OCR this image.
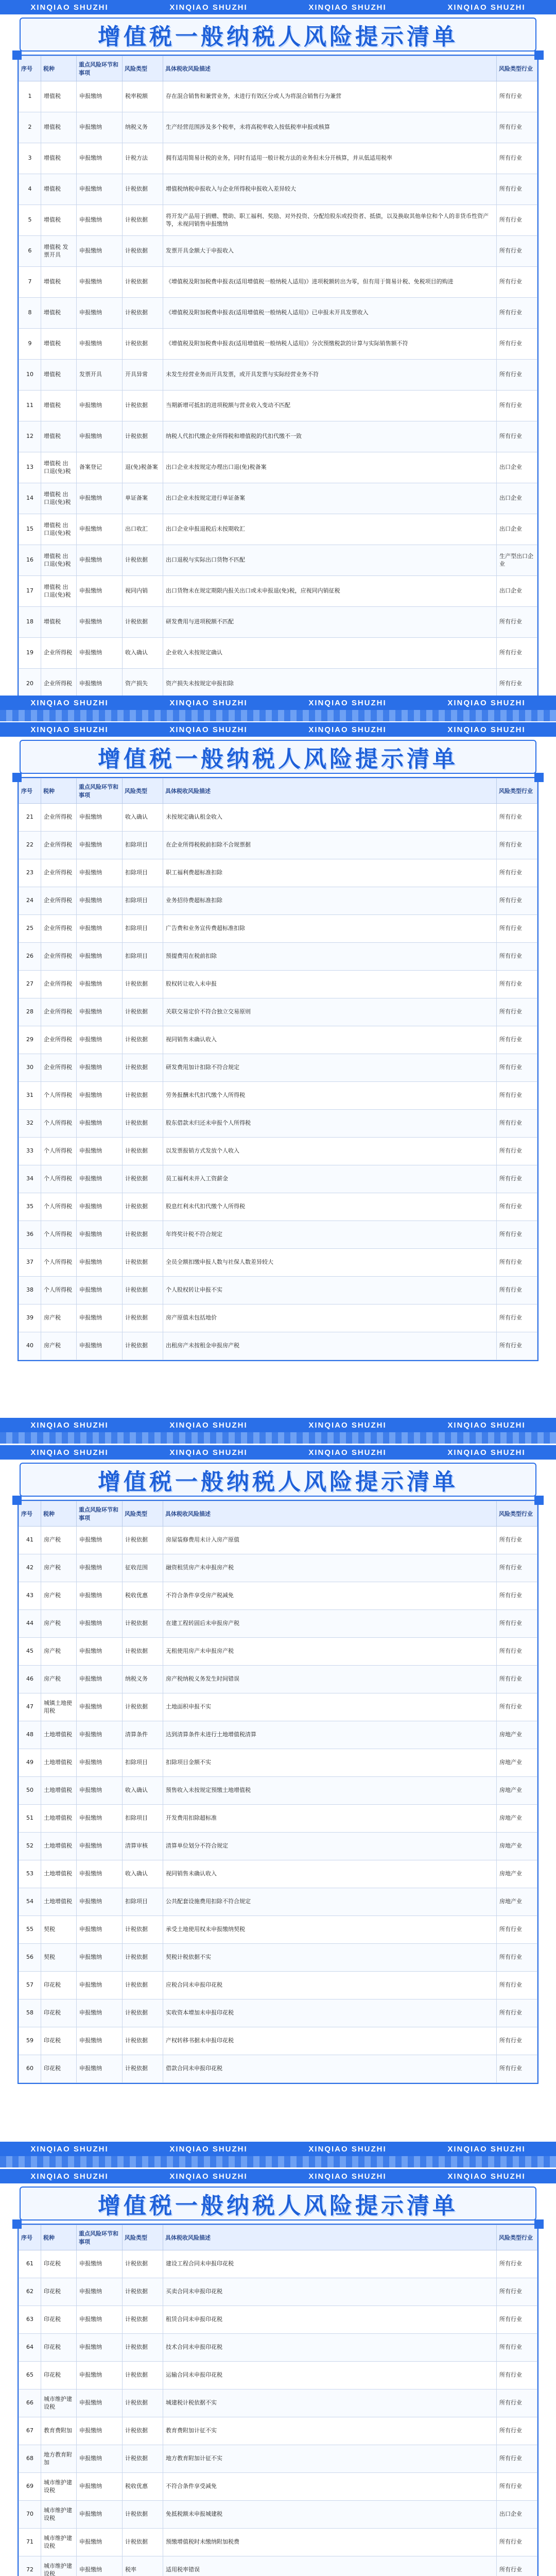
XINQIAO SHUZHI	XINQIAO SHUZHI	XINQIAO SHUZHI	XINQIAO SHUZHI
增值税一般纳税人风险提示清单
序号	税种	重点风险环节和事项	风险类型	具体税收风险描述	风险类型行业
1	增值税	申报缴纳	税率税额	存在混合销售和兼营业务，未进行有效区分或人为将混合销售行为兼营	所有行业
2	增值税	申报缴纳	纳税义务	生产经营范围涉及多个税率，未将高税率收入按低税率申报或核算	所有行业
3	增值税	申报缴纳	计税方法	拥有适用简易计税的业务，同时有适用一般计税方法的业务但未分开核算，并从低适用税率	所有行业
4	增值税	申报缴纳	计税依据	增值税纳税申报收入与企业所得税申报收入差异较大	所有行业
5	增值税	申报缴纳	计税依据	将开发产品用于捐赠、赞助、职工福利、奖励、对外投资、分配给股东或投资者、抵债，以及换取其他单位和个人的非货币性资产等，未视同销售申报缴纳	所有行业
6	增值税 发票开具	申报缴纳	计税依据	发票开具金额大于申报收入	所有行业
7	增值税	申报缴纳	计税依据	《增值税及附加税费申报表(适用增值税一般纳税人适用)》进项税额转出为零，但有用于简易计税、免税项目的购进	所有行业
8	增值税	申报缴纳	计税依据	《增值税及附加税费申报表(适用增值税一般纳税人适用)》已申报未开具发票收入	所有行业
9	增值税	申报缴纳	计税依据	《增值税及附加税费申报表(适用增值税一般纳税人适用)》分次预缴税款的计算与实际销售额不符	所有行业
10	增值税	发票开具	开具异常	未发生经营业务而开具发票，或开具发票与实际经营业务不符	所有行业
11	增值税	申报缴纳	计税依据	当期新增可抵扣的进项税额与营业收入变动不匹配	所有行业
12	增值税	申报缴纳	计税依据	纳税人代扣代缴企业所得税和增值税的代扣代缴不一致	所有行业
13	增值税 出口退(免)税	备案登记	退(免)税备案	出口企业未按规定办理出口退(免)税备案	出口企业
14	增值税 出口退(免)税	申报缴纳	单证备案	出口企业未按规定进行单证备案	出口企业
15	增值税 出口退(免)税	申报缴纳	出口收汇	出口企业申报退税后未按期收汇	出口企业
16	增值税 出口退(免)税	申报缴纳	计税依据	出口退税与实际出口货物不匹配	生产型出口企业
17	增值税 出口退(免)税	申报缴纳	视同内销	出口货物未在规定期限内报关出口或未申报退(免)税，应视同内销征税	出口企业
18	增值税	申报缴纳	计税依据	研发费用与进项税额不匹配	所有行业
19	企业所得税	申报缴纳	收入确认	企业收入未按规定确认	所有行业
20	企业所得税	申报缴纳	资产损失	资产损失未按规定申报扣除	所有行业
XINQIAO SHUZHI	XINQIAO SHUZHI	XINQIAO SHUZHI	XINQIAO SHUZHI
XINQIAO SHUZHI	XINQIAO SHUZHI	XINQIAO SHUZHI	XINQIAO SHUZHI
增值税一般纳税人风险提示清单
序号	税种	重点风险环节和事项	风险类型	具体税收风险描述	风险类型行业
21	企业所得税	申报缴纳	收入确认	未按规定确认租金收入	所有行业
22	企业所得税	申报缴纳	扣除项目	在企业所得税税前扣除不合规票据	所有行业
23	企业所得税	申报缴纳	扣除项目	职工福利费超标准扣除	所有行业
24	企业所得税	申报缴纳	扣除项目	业务招待费超标准扣除	所有行业
25	企业所得税	申报缴纳	扣除项目	广告费和业务宣传费超标准扣除	所有行业
26	企业所得税	申报缴纳	扣除项目	预提费用在税前扣除	所有行业
27	企业所得税	申报缴纳	计税依据	股权转让收入未申报	所有行业
28	企业所得税	申报缴纳	计税依据	关联交易定价不符合独立交易原则	所有行业
29	企业所得税	申报缴纳	计税依据	视同销售未确认收入	所有行业
30	企业所得税	申报缴纳	计税依据	研发费用加计扣除不符合规定	所有行业
31	个人所得税	申报缴纳	计税依据	劳务报酬未代扣代缴个人所得税	所有行业
32	个人所得税	申报缴纳	计税依据	股东借款未归还未申报个人所得税	所有行业
33	个人所得税	申报缴纳	计税依据	以发票报销方式发放个人收入	所有行业
34	个人所得税	申报缴纳	计税依据	员工福利未并入工资薪金	所有行业
35	个人所得税	申报缴纳	计税依据	股息红利未代扣代缴个人所得税	所有行业
36	个人所得税	申报缴纳	计税依据	年终奖计税不符合规定	所有行业
37	个人所得税	申报缴纳	计税依据	全员全额扣缴申报人数与社保人数差异较大	所有行业
38	个人所得税	申报缴纳	计税依据	个人股权转让申报不实	所有行业
39	房产税	申报缴纳	计税依据	房产原值未包括地价	所有行业
40	房产税	申报缴纳	计税依据	出租房产未按租金申报房产税	所有行业
XINQIAO SHUZHI	XINQIAO SHUZHI	XINQIAO SHUZHI	XINQIAO SHUZHI
XINQIAO SHUZHI	XINQIAO SHUZHI	XINQIAO SHUZHI	XINQIAO SHUZHI
增值税一般纳税人风险提示清单
序号	税种	重点风险环节和事项	风险类型	具体税收风险描述	风险类型行业
41	房产税	申报缴纳	计税依据	房屋装修费用未计入房产原值	所有行业
42	房产税	申报缴纳	征收范围	融资租赁房产未申报房产税	所有行业
43	房产税	申报缴纳	税收优惠	不符合条件享受房产税减免	所有行业
44	房产税	申报缴纳	计税依据	在建工程转固后未申报房产税	所有行业
45	房产税	申报缴纳	计税依据	无租使用房产未申报房产税	所有行业
46	房产税	申报缴纳	纳税义务	房产税纳税义务发生时间错误	所有行业
47	城镇土地使用税	申报缴纳	计税依据	土地面积申报不实	所有行业
48	土地增值税	申报缴纳	清算条件	达到清算条件未进行土地增值税清算	房地产业
49	土地增值税	申报缴纳	扣除项目	扣除项目金额不实	房地产业
50	土地增值税	申报缴纳	收入确认	预售收入未按规定预缴土地增值税	房地产业
51	土地增值税	申报缴纳	扣除项目	开发费用扣除超标准	房地产业
52	土地增值税	申报缴纳	清算审核	清算单位划分不符合规定	房地产业
53	土地增值税	申报缴纳	收入确认	视同销售未确认收入	房地产业
54	土地增值税	申报缴纳	扣除项目	公共配套设施费用扣除不符合规定	房地产业
55	契税	申报缴纳	计税依据	承受土地使用权未申报缴纳契税	所有行业
56	契税	申报缴纳	计税依据	契税计税依据不实	所有行业
57	印花税	申报缴纳	计税依据	应税合同未申报印花税	所有行业
58	印花税	申报缴纳	计税依据	实收资本增加未申报印花税	所有行业
59	印花税	申报缴纳	计税依据	产权转移书据未申报印花税	所有行业
60	印花税	申报缴纳	计税依据	借款合同未申报印花税	所有行业
XINQIAO SHUZHI	XINQIAO SHUZHI	XINQIAO SHUZHI	XINQIAO SHUZHI
XINQIAO SHUZHI	XINQIAO SHUZHI	XINQIAO SHUZHI	XINQIAO SHUZHI
增值税一般纳税人风险提示清单
序号	税种	重点风险环节和事项	风险类型	具体税收风险描述	风险类型行业
61	印花税	申报缴纳	计税依据	建设工程合同未申报印花税	所有行业
62	印花税	申报缴纳	计税依据	买卖合同未申报印花税	所有行业
63	印花税	申报缴纳	计税依据	租赁合同未申报印花税	所有行业
64	印花税	申报缴纳	计税依据	技术合同未申报印花税	所有行业
65	印花税	申报缴纳	计税依据	运输合同未申报印花税	所有行业
66	城市维护建设税	申报缴纳	计税依据	城建税计税依据不实	所有行业
67	教育费附加	申报缴纳	计税依据	教育费附加计征不实	所有行业
68	地方教育附加	申报缴纳	计税依据	地方教育附加计征不实	所有行业
69	城市维护建设税	申报缴纳	税收优惠	不符合条件享受减免	所有行业
70	城市维护建设税	申报缴纳	计税依据	免抵税额未申报城建税	出口企业
71	城市维护建设税	申报缴纳	计税依据	预缴增值税时未缴纳附加税费	所有行业
72	城市维护建设税	申报缴纳	税率	适用税率错误	所有行业
